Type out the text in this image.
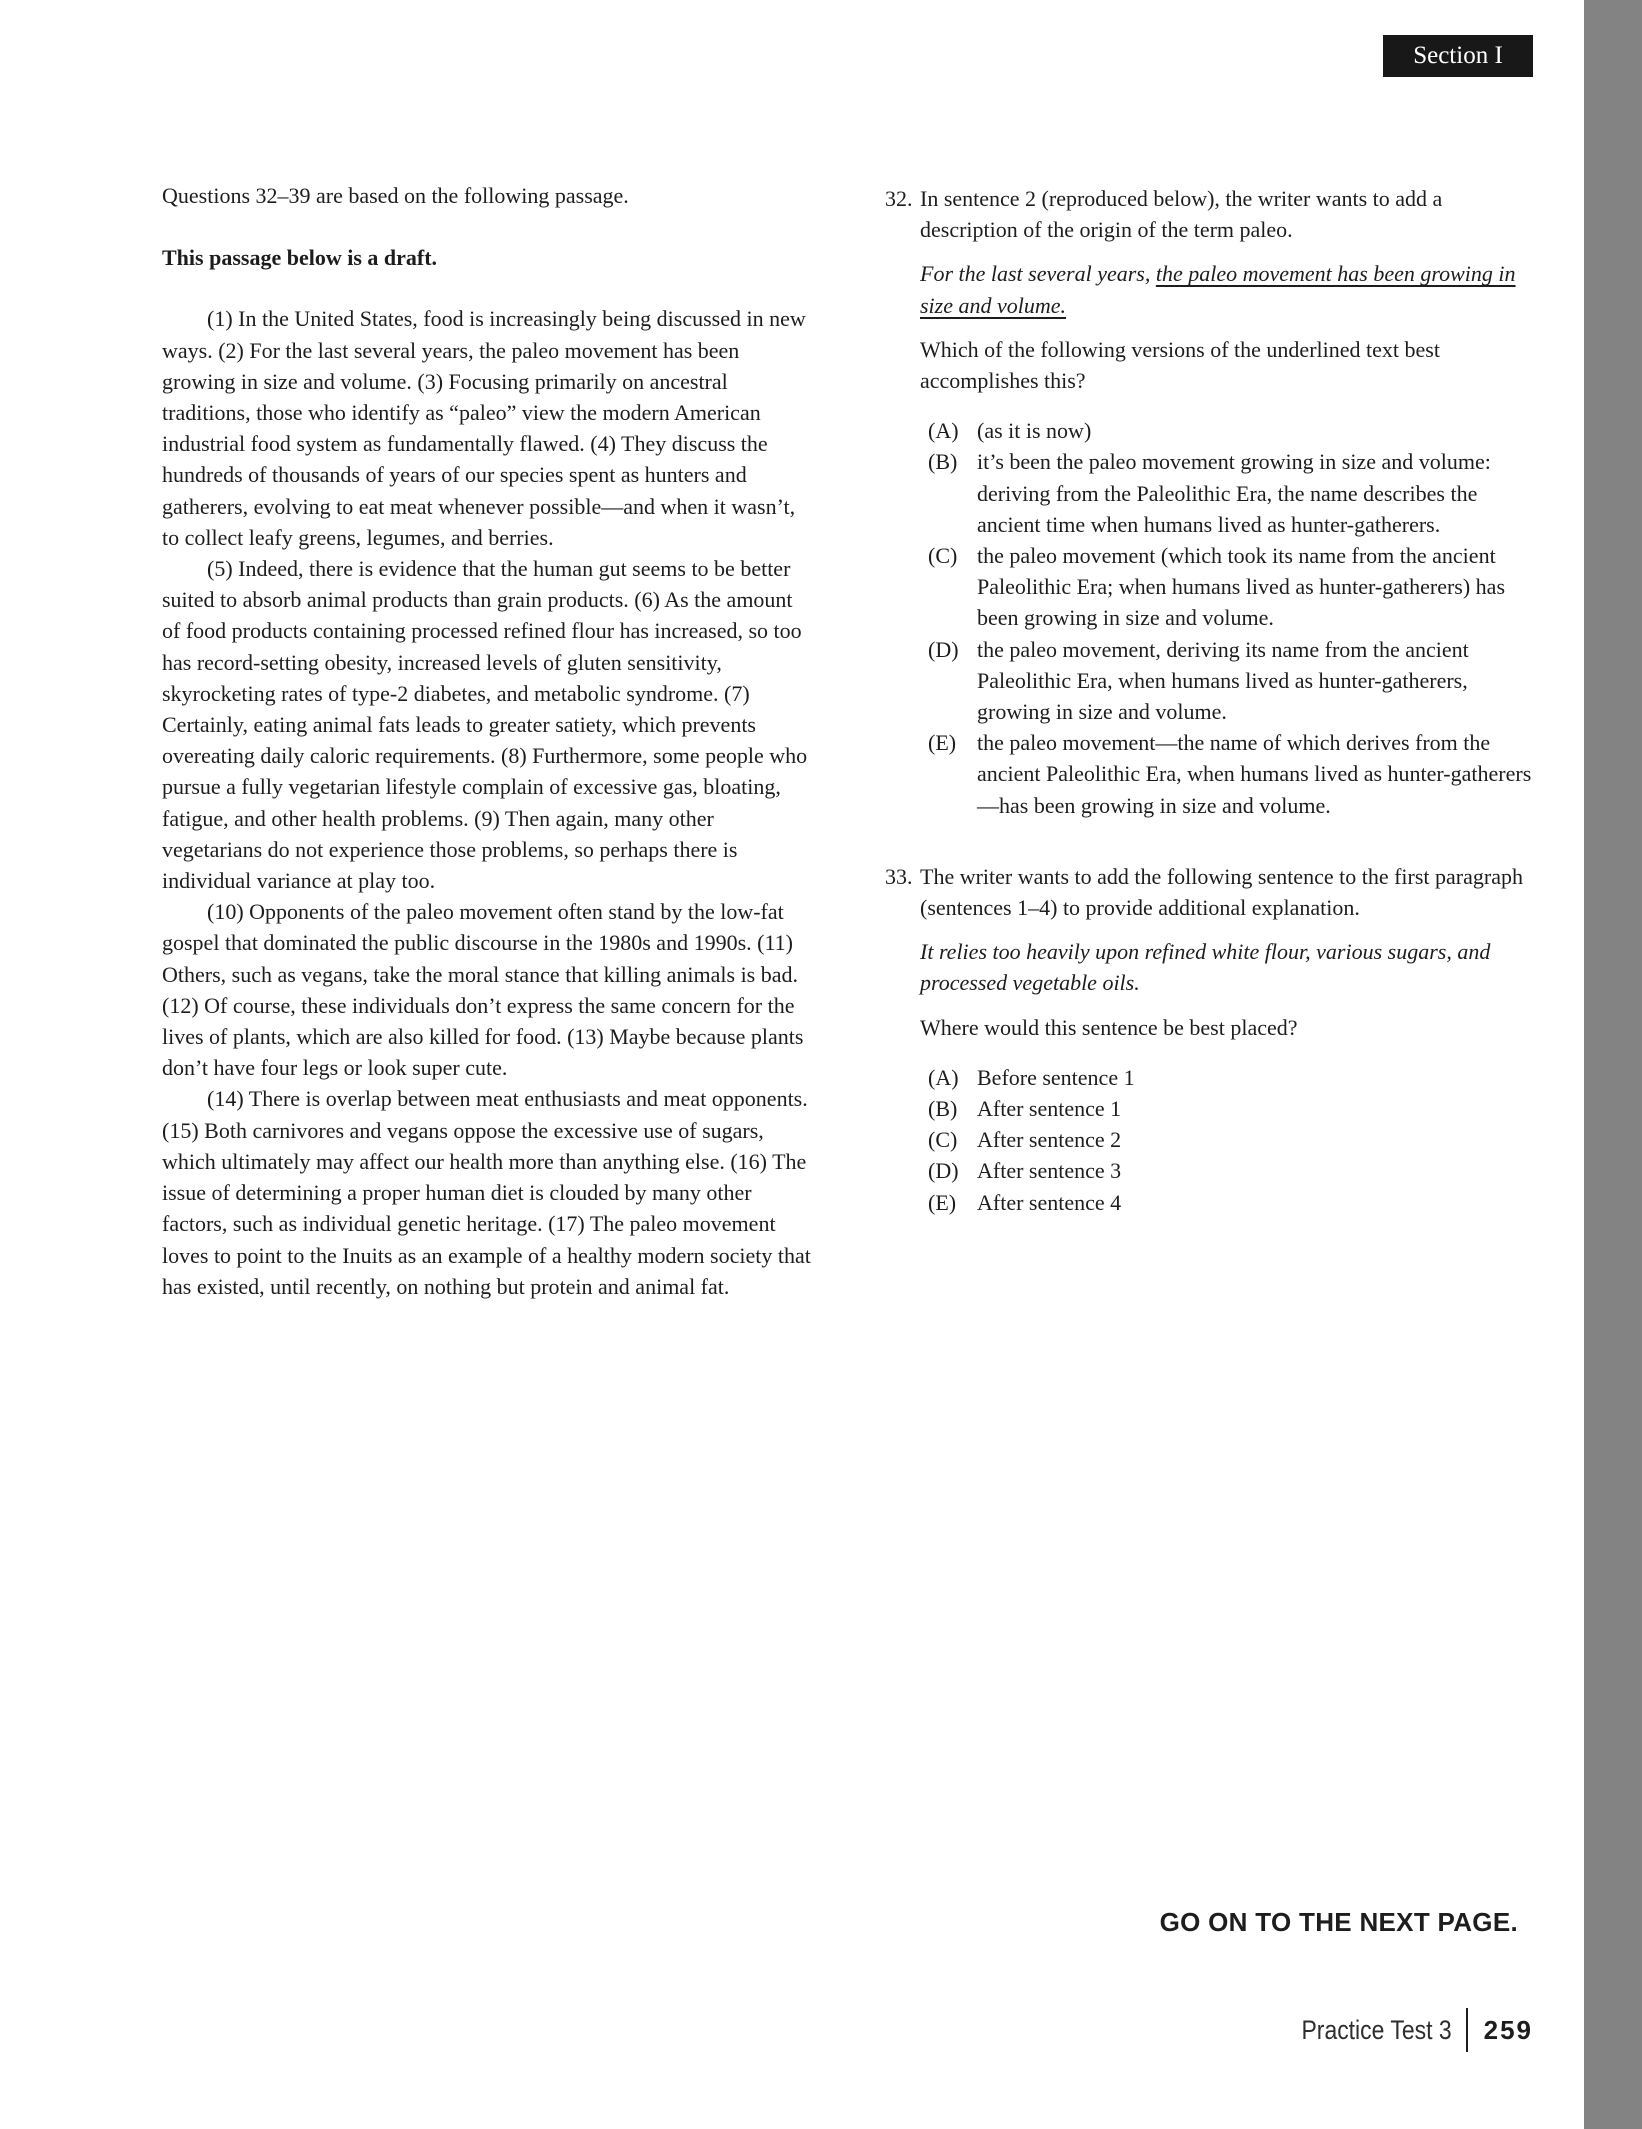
Section I

Questions 32–39 are based on the following passage.

This passage below is a draft.

(1) In the United States, food is increasingly being discussed in new ways. (2) For the last several years, the paleo movement has been growing in size and volume. (3) Focusing primarily on ancestral traditions, those who identify as “paleo” view the modern American industrial food system as fundamentally flawed. (4) They discuss the hundreds of thousands of years of our species spent as hunters and gatherers, evolving to eat meat whenever possible—and when it wasn’t, to collect leafy greens, legumes, and berries.

(5) Indeed, there is evidence that the human gut seems to be better suited to absorb animal products than grain products. (6) As the amount of food products containing processed refined flour has increased, so too has record-setting obesity, increased levels of gluten sensitivity, skyrocketing rates of type-2 diabetes, and metabolic syndrome. (7) Certainly, eating animal fats leads to greater satiety, which prevents overeating daily caloric requirements. (8) Furthermore, some people who pursue a fully vegetarian lifestyle complain of excessive gas, bloating, fatigue, and other health problems. (9) Then again, many other vegetarians do not experience those problems, so perhaps there is individual variance at play too.

(10) Opponents of the paleo movement often stand by the low-fat gospel that dominated the public discourse in the 1980s and 1990s. (11) Others, such as vegans, take the moral stance that killing animals is bad. (12) Of course, these individuals don’t express the same concern for the lives of plants, which are also killed for food. (13) Maybe because plants don’t have four legs or look super cute.

(14) There is overlap between meat enthusiasts and meat opponents. (15) Both carnivores and vegans oppose the excessive use of sugars, which ultimately may affect our health more than anything else. (16) The issue of determining a proper human diet is clouded by many other factors, such as individual genetic heritage. (17) The paleo movement loves to point to the Inuits as an example of a healthy modern society that has existed, until recently, on nothing but protein and animal fat.

32. In sentence 2 (reproduced below), the writer wants to add a description of the origin of the term paleo.

For the last several years, the paleo movement has been growing in size and volume.

Which of the following versions of the underlined text best accomplishes this?

(A) (as it is now)
(B) it’s been the paleo movement growing in size and volume: deriving from the Paleolithic Era, the name describes the ancient time when humans lived as hunter-gatherers.
(C) the paleo movement (which took its name from the ancient Paleolithic Era; when humans lived as hunter-gatherers) has been growing in size and volume.
(D) the paleo movement, deriving its name from the ancient Paleolithic Era, when humans lived as hunter-gatherers, growing in size and volume.
(E) the paleo movement—the name of which derives from the ancient Paleolithic Era, when humans lived as hunter-gatherers—has been growing in size and volume.
33. The writer wants to add the following sentence to the first paragraph (sentences 1–4) to provide additional explanation.

It relies too heavily upon refined white flour, various sugars, and processed vegetable oils.

Where would this sentence be best placed?

(A) Before sentence 1
(B) After sentence 1
(C) After sentence 2
(D) After sentence 3
(E) After sentence 4
GO ON TO THE NEXT PAGE.
Practice Test 3 259
